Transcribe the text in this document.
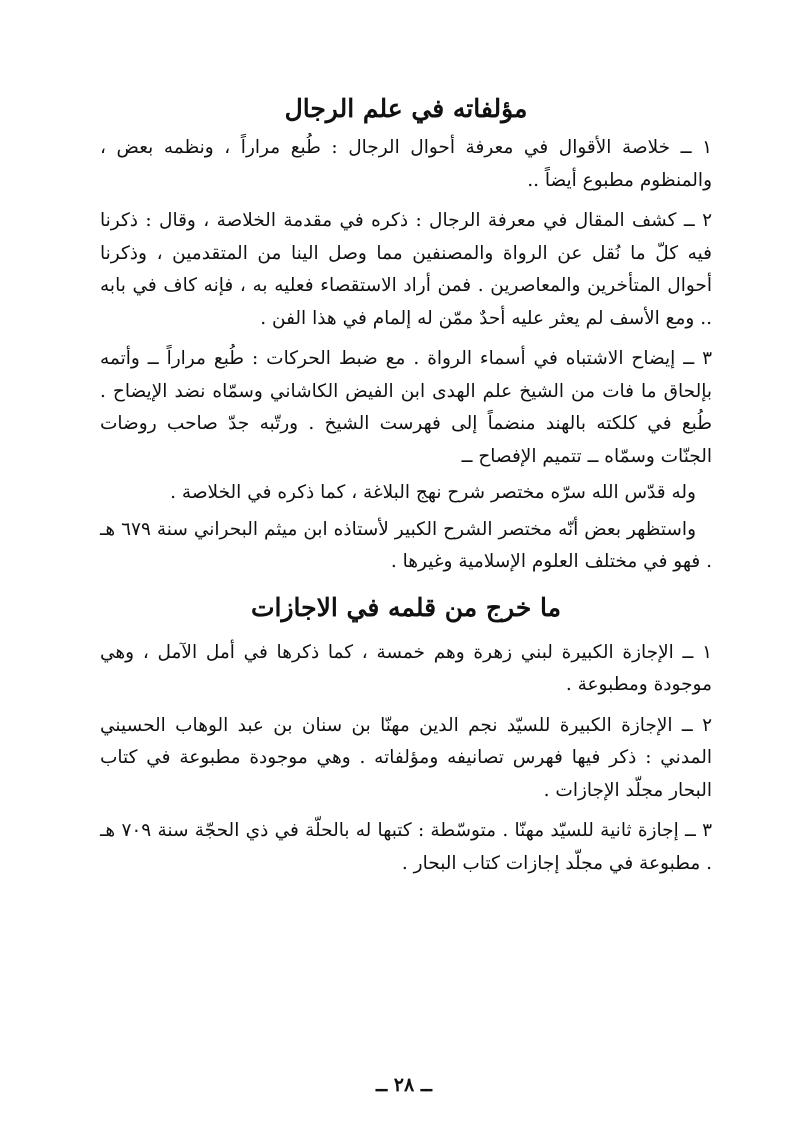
مؤلفاته في علم الرجال

١ ــ خلاصة الأقوال في معرفة أحوال الرجال : طُبع مراراً ، ونظمه بعض ، والمنظوم مطبوع أيضاً ..

٢ ــ كشف المقال في معرفة الرجال : ذكره في مقدمة الخلاصة ، وقال : ذكرنا فيه كلّ ما نُقل عن الرواة والمصنفين مما وصل الينا من المتقدمين ، وذكرنا أحوال المتأخرين والمعاصرين . فمن أراد الاستقصاء فعليه به ، فإنه كاف في بابه .. ومع الأسف لم يعثر عليه أحدٌ ممّن له إلمام في هذا الفن .

٣ ــ إيضاح الاشتباه في أسماء الرواة . مع ضبط الحركات : طُبع مراراً ــ وأتمه بإلحاق ما فات من الشيخ علم الهدى ابن الفيض الكاشاني وسمّاه نضد الإيضاح . طُبع في كلكته بالهند منضماً إلى فهرست الشيخ . ورتّبه جدّ صاحب روضات الجنّات وسمّاه ــ تتميم الإفصاح ــ

وله قدّس الله سرّه مختصر شرح نهج البلاغة ، كما ذكره في الخلاصة .

واستظهر بعض أنّه مختصر الشرح الكبير لأستاذه ابن ميثم البحراني سنة ٦٧٩ هـ . فهو في مختلف العلوم الإسلامية وغيرها .

ما خرج من قلمه في الاجازات

١ ــ الإجازة الكبيرة لبني زهرة وهم خمسة ، كما ذكرها في أمل الآمل ، وهي موجودة ومطبوعة .

٢ ــ الإجازة الكبيرة للسيّد نجم الدين مهنّا بن سنان بن عبد الوهاب الحسيني المدني : ذكر فيها فهرس تصانيفه ومؤلفاته . وهي موجودة مطبوعة في كتاب البحار مجلّد الإجازات .

٣ ــ إجازة ثانية للسيّد مهنّا . متوسّطة : كتبها له بالحلّة في ذي الحجّة سنة ٧٠٩ هـ . مطبوعة في مجلّد إجازات كتاب البحار .

ــ ٢٨ ــ
